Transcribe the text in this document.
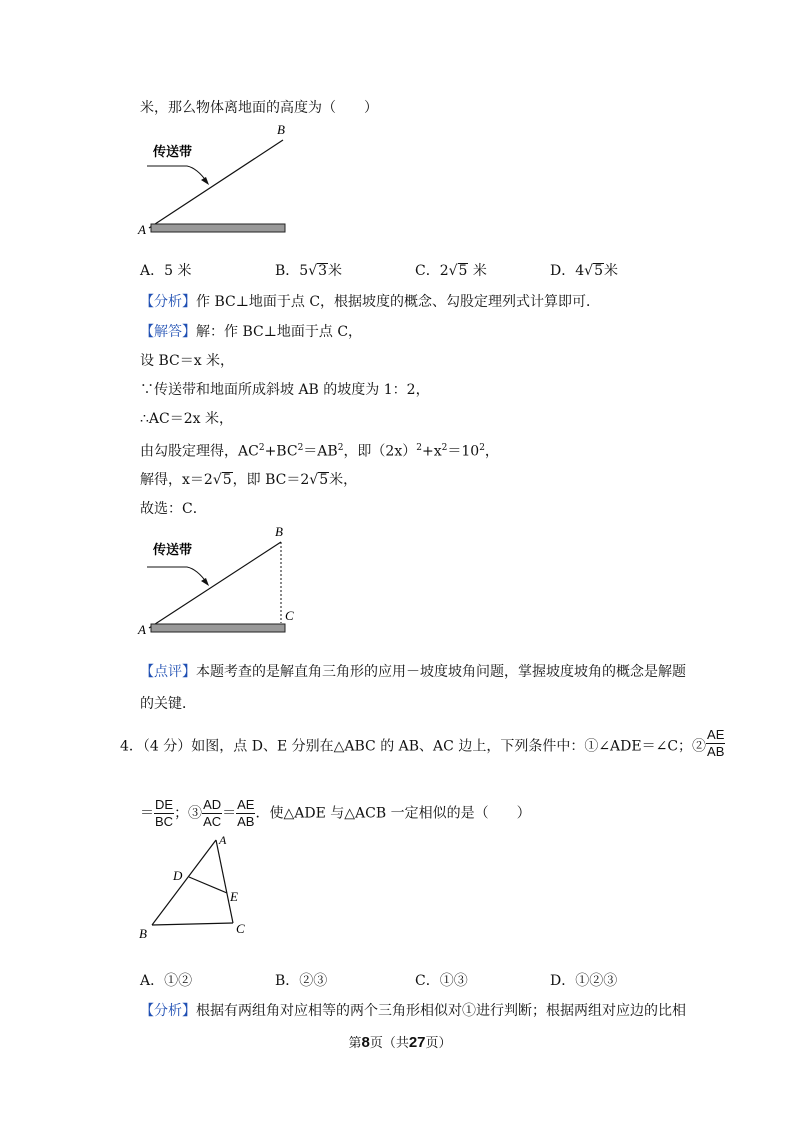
米，那么物体离地面的高度为（　　）
传送带
A
B
A．5 米	B．5√3米	C．2√5 米	D．4√5米
【分析】作 BC⊥地面于点 C，根据坡度的概念、勾股定理列式计算即可．
【解答】解：作 BC⊥地面于点 C，
设 BC＝x 米，
∵传送带和地面所成斜坡 AB 的坡度为 1：2，
∴AC＝2x 米，
由勾股定理得，$AC^2+BC^2=AB^2$，即$(2x)^2+x^2=10^2$，
解得，x＝2√5，即 BC＝2√5米，
故选：C．
传送带
A
B
C
【点评】本题考查的是解直角三角形的应用－坡度坡角问题，掌握坡度坡角的概念是解题
的关键．
4．（4 分）如图，点 D、E 分别在△ABC 的 AB、AC 边上，下列条件中：①∠ADE＝∠C；② $\frac{AE}{AB}$
＝ $\frac{DE}{BC}$ ；③ $\frac{AD}{AC} = \frac{AE}{AB}$ ．使△ADE 与△ACB 一定相似的是（　　）
A
B	C
D
E
A．①②	B．②③	C．①③	D．①②③
【分析】根据有两组角对应相等的两个三角形相似对①进行判断；根据两组对应边的比相
第8页（共27页）
